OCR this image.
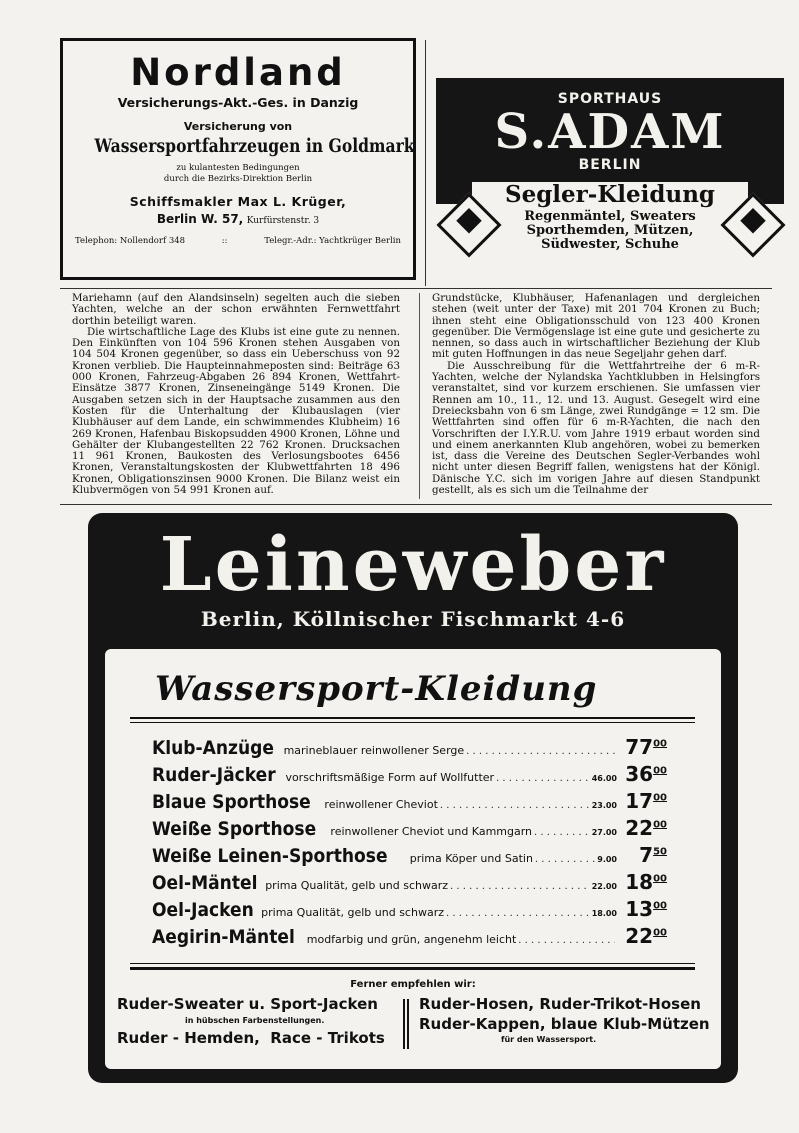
Nordland
Versicherungs-Akt.-Ges. in Danzig
Versicherung von
Wassersportfahrzeugen in Goldmark
zu kulantesten Bedingungen
durch die Bezirks-Direktion Berlin
Schiffsmakler Max L. Krüger,
Berlin W. 57, Kurfürstenstr. 3
Telephon: Nollendorf 348	::	Telegr.-Adr.: Yachtkrüger Berlin
SPORTHAUS
S.ADAM
BERLIN
Segler-Kleidung
Regenmäntel, Sweaters
Sporthemden, Mützen,
Südwester, Schuhe

Mariehamn (auf den Alandsinseln) segelten auch die sieben Yachten, welche an der schon erwähnten Fernwettfahrt dorthin beteiligt waren.

Die wirtschaftliche Lage des Klubs ist eine gute zu nennen. Den Einkünften von 104 596 Kronen stehen Ausgaben von 104 504 Kronen gegenüber, so dass ein Ueberschuss von 92 Kronen verblieb. Die Haupteinnahmeposten sind: Beiträge 63 000 Kronen, Fahrzeug-Abgaben 26 894 Kronen, Wettfahrt-Einsätze 3877 Kronen, Zinseneingänge 5149 Kronen. Die Ausgaben setzen sich in der Hauptsache zusammen aus den Kosten für die Unterhaltung der Klubauslagen (vier Klubhäuser auf dem Lande, ein schwimmendes Klubheim) 16 269 Kronen, Hafenbau Biskopsudden 4900 Kronen, Löhne und Gehälter der Klubangestellten 22 762 Kronen. Drucksachen 11 961 Kronen, Baukosten des Verlosungsbootes 6456 Kronen, Veranstaltungskosten der Klubwettfahrten 18 496 Kronen, Obligationszinsen 9000 Kronen. Die Bilanz weist ein Klubvermögen von 54 991 Kronen auf.

Grundstücke, Klubhäuser, Hafenanlagen und dergleichen stehen (weit unter der Taxe) mit 201 704 Kronen zu Buch; ihnen steht eine Obligationsschuld von 123 400 Kronen gegenüber. Die Vermögenslage ist eine gute und gesicherte zu nennen, so dass auch in wirtschaftlicher Beziehung der Klub mit guten Hoffnungen in das neue Segeljahr gehen darf.

Die Ausschreibung für die Wettfahrtreihe der 6 m-R-Yachten, welche der Nylandska Yachtklubben in Helsingfors veranstaltet, sind vor kurzem erschienen. Sie umfassen vier Rennen am 10., 11., 12. und 13. August. Gesegelt wird eine Dreiecksbahn von 6 sm Länge, zwei Rundgänge = 12 sm. Die Wettfahrten sind offen für 6 m-R-Yachten, die nach den Vorschriften der I.Y.R.U. vom Jahre 1919 erbaut worden sind und einem anerkannten Klub angehören, wobei zu bemerken ist, dass die Vereine des Deutschen Segler-Verbandes wohl nicht unter diesen Begriff fallen, wenigstens hat der Königl. Dänische Y.C. sich im vorigen Jahre auf diesen Standpunkt gestellt, als es sich um die Teilnahme der

Leineweber
Berlin, Köllnischer Fischmarkt 4-6
Wassersport-Kleidung
Klub-Anzüge marineblauer reinwollener Serge . . .	$77^{00}$
Ruder-Jäcker vorschriftsmäßige Form auf Wollfutter . . .	46.00 $36^{00}$
Blaue Sporthose reinwollener Cheviot . . .	23.00 $17^{00}$
Weiße Sporthose reinwollener Cheviot und Kammgarn . . .	27.00 $22^{00}$
Weiße Leinen-Sporthose prima Köper und Satin . . .	9.00	$7^{50}$
Oel-Mäntel prima Qualität, gelb und schwarz . . .	22.00 $18^{00}$
Oel-Jacken prima Qualität, gelb und schwarz . . .	18.00 $13^{00}$
Aegirin-Mäntel modfarbig und grün, angenehm leicht . . .	$22^{00}$
Ferner empfehlen wir:
Ruder-Sweater u. Sport-Jacken
in hübschen Farbenstellungen.
Ruder - Hemden,  Race - Trikots
Ruder-Hosen, Ruder-Trikot-Hosen
Ruder-Kappen, blaue Klub-Mützen
für den Wassersport.
